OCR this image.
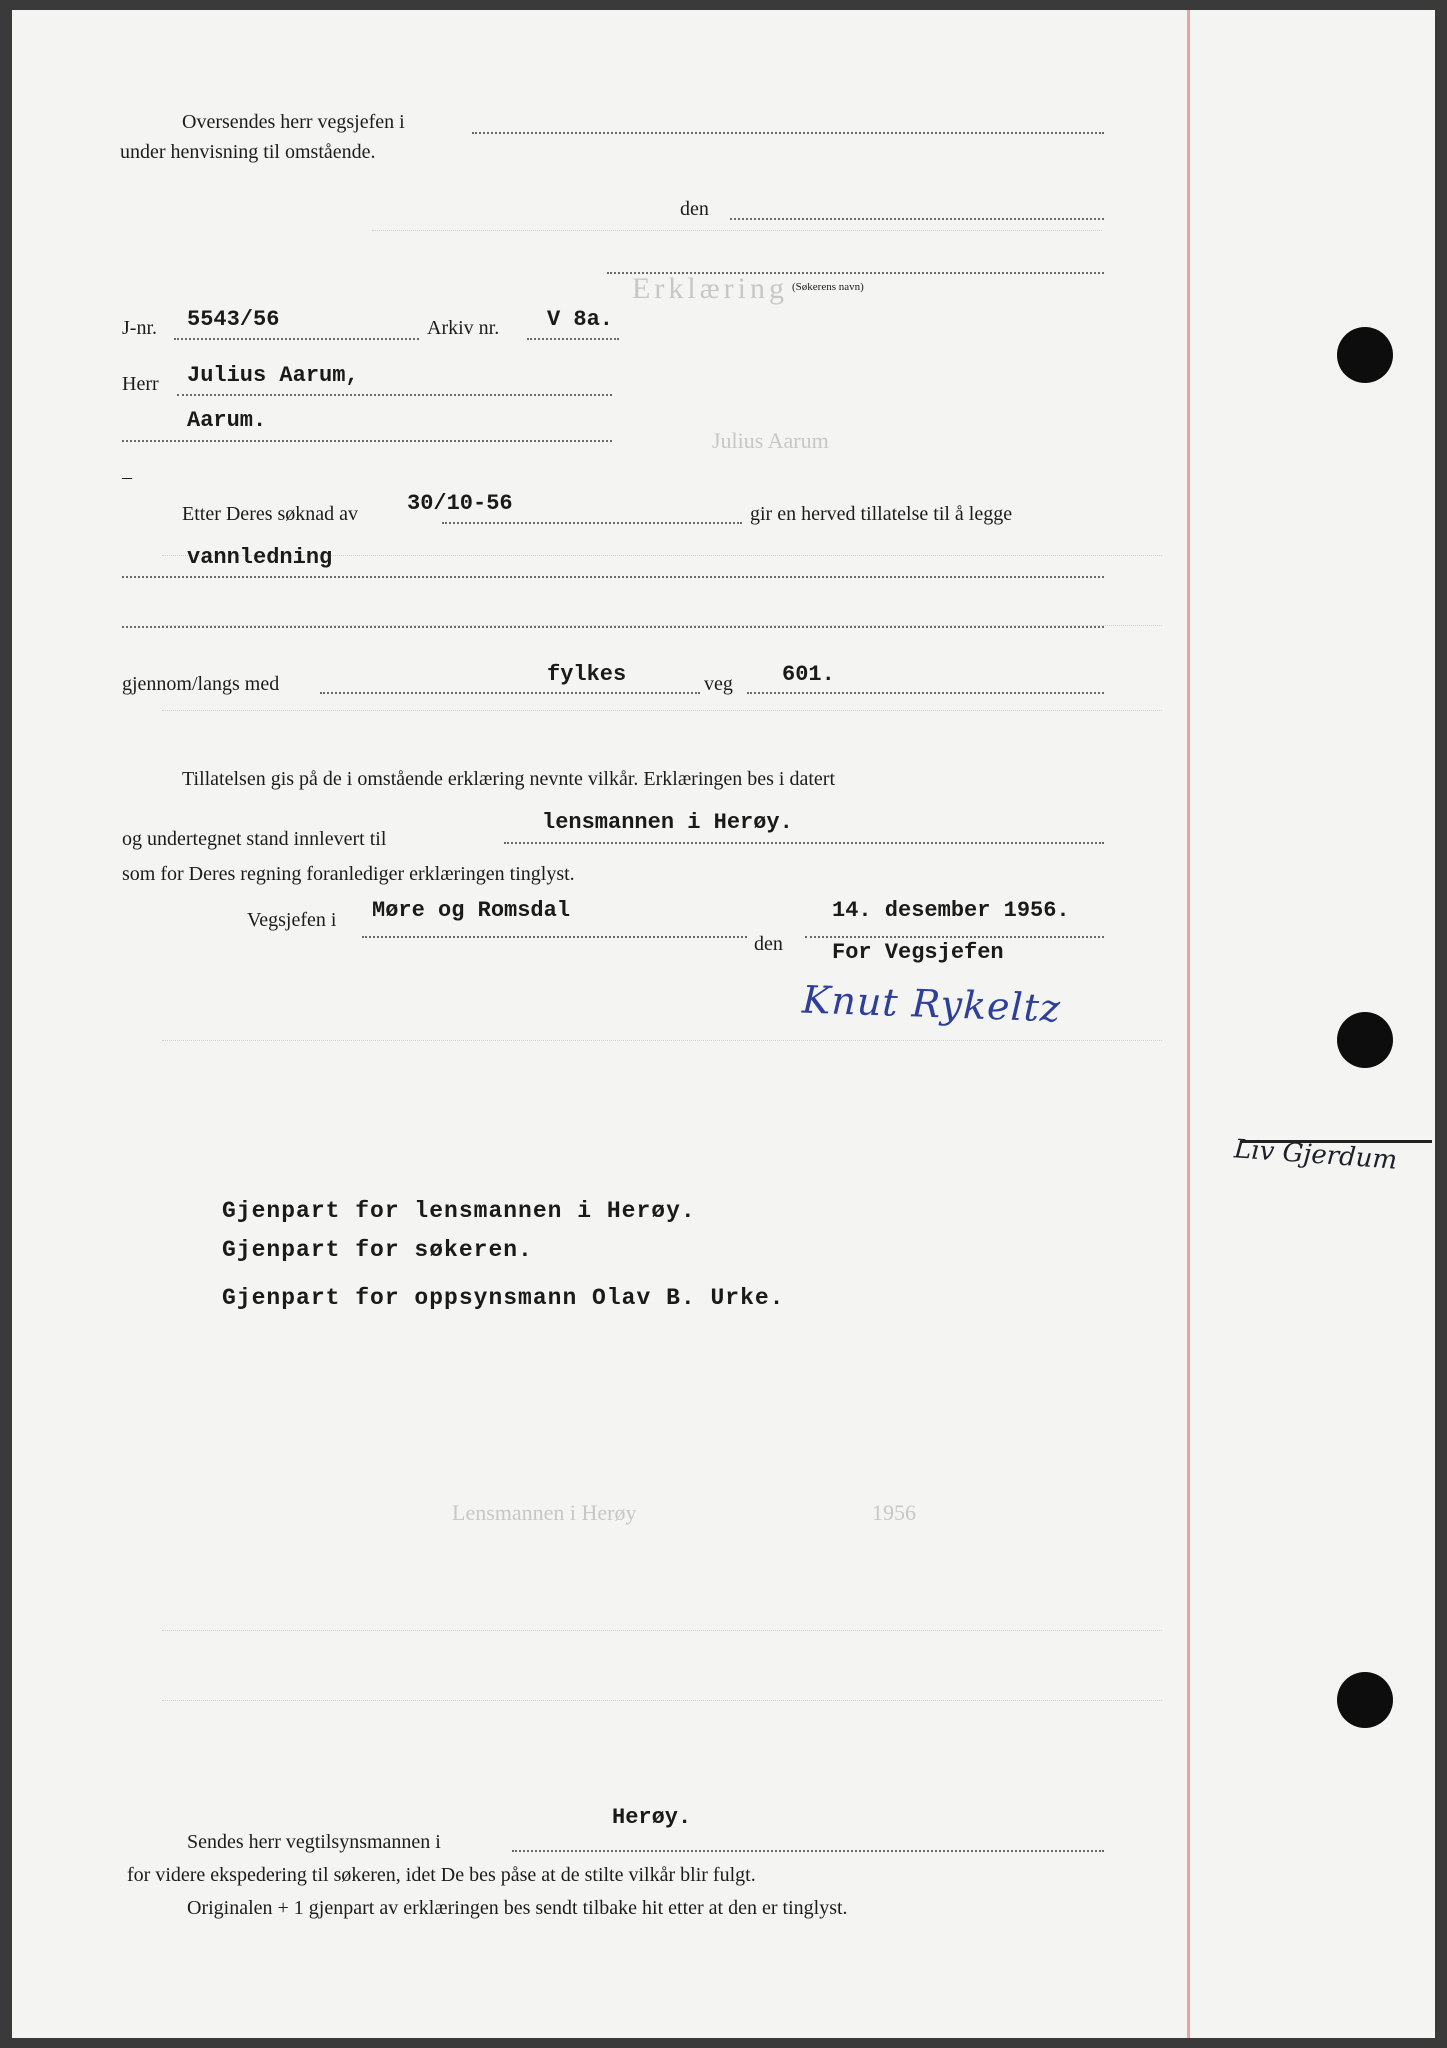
Erklæring
Julius Aarum
Lensmannen i Herøy	1956
Oversendes herr vegsjefen i
under henvisning til omstående.
den
(Søkerens navn)
J-nr. 5543/56	Arkiv nr. V 8a.
Herr Julius Aarum,
Aarum.
–
Etter Deres søknad av 30/10-56	gir en herved tillatelse til å legge
vannledning
gjennom/langs med	fylkes	veg 601.
Tillatelsen gis på de i omstående erklæring nevnte vilkår. Erklæringen bes i datert
og undertegnet stand innlevert til
lensmannen i Herøy.
som for Deres regning foranlediger erklæringen tinglyst.
Vegsjefen i Møre og Romsdal
den
14. desember 1956.
For Vegsjefen
Knut Rykeltz
Liv Gjerdum
Gjenpart for lensmannen i Herøy.
Gjenpart for søkeren.
Gjenpart for oppsynsmann Olav B. Urke.
Sendes herr vegtilsynsmannen i
Herøy.
for videre ekspedering til søkeren, idet De bes påse at de stilte vilkår blir fulgt.
Originalen + 1 gjenpart av erklæringen bes sendt tilbake hit etter at den er tinglyst.
